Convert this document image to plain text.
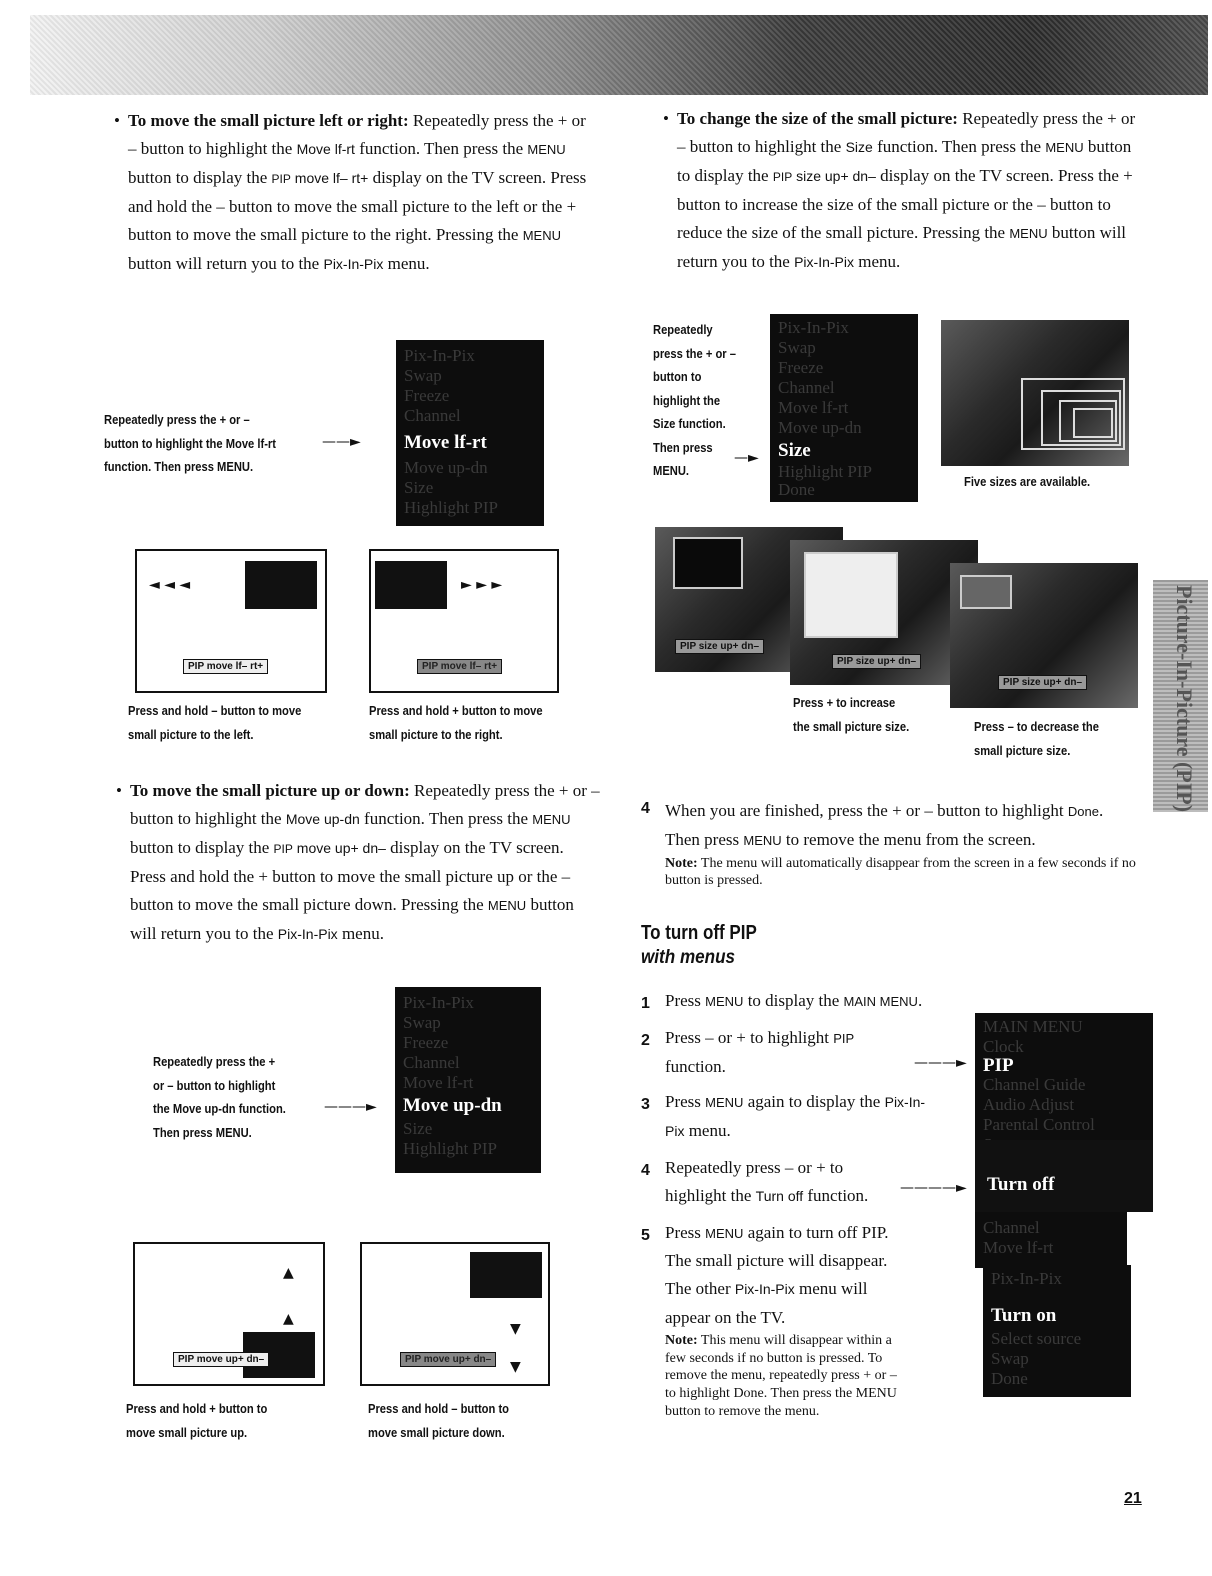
• To move the small picture left or right: Repeatedly press the + or – button to highlight the Move lf-rt function. Then press the MENU button to display the PIP move lf– rt+ display on the TV screen. Press and hold the – button to move the small picture to the left or the + button to move the small picture to the right. Pressing the MENU button will return you to the Pix-In-Pix menu.
Repeatedly press the + or –
button to highlight the Move lf-rt
function. Then press MENU.
——►
Pix-In-Pix
Swap
Freeze
Channel
Move lf-rt
Move up-dn
Size
Highlight PIP
◄ ◄ ◄
PIP move lf– rt+
Press and hold – button to move
small picture to the left.
► ► ►
PIP move lf– rt+
Press and hold + button to move
small picture to the right.
• To move the small picture up or down: Repeatedly press the + or – button to highlight the Move up-dn function. Then press the MENU button to display the PIP move up+ dn– display on the TV screen. Press and hold the + button to move the small picture up or the – button to move the small picture down. Pressing the MENU button will return you to the Pix-In-Pix menu.
Repeatedly press the +
or – button to highlight
the Move up-dn function.
Then press MENU.
———►
Pix-In-Pix
Swap
Freeze
Channel
Move lf-rt
Move up-dn
Size
Highlight PIP
▲
▲
PIP move up+ dn–
Press and hold + button to
move small picture up.
▼
▼
PIP move up+ dn–
Press and hold – button to
move small picture down.
• To change the size of the small picture: Repeatedly press the + or – button to highlight the Size function. Then press the MENU button to display the PIP size up+ dn– display on the TV screen. Press the + button to increase the size of the small picture or the – button to reduce the size of the small picture. Pressing the MENU button will return you to the Pix-In-Pix menu.
Repeatedly
press the + or –
button to
highlight the
Size function.
Then press
MENU.
—►
Pix-In-Pix
Swap
Freeze
Channel
Move lf-rt
Move up-dn
Size
Highlight PIP
Done	Five sizes are available.
PIP size up+ dn–
PIP size up+ dn–
PIP size up+ dn–
Press + to increase
the small picture size.	Press – to decrease the
small picture size.	Picture-In-Picture (PIP)
4 When you are finished, press the + or – button to highlight Done.
Then press MENU to remove the menu from the screen.
Note: The menu will automatically disappear from the screen in a few seconds if no button is pressed.
To turn off PIP
with menus
1 Press MENU to display the MAIN MENU.
2 Press – or + to highlight PIP
function.
3 Press MENU again to display the Pix-In-Pix menu.
4 Repeatedly press – or + to
highlight the Turn off function.
5 Press MENU again to turn off PIP.
The small picture will disappear.
The other Pix-In-Pix menu will
appear on the TV.
Note: This menu will disappear within a few seconds if no button is pressed. To remove the menu, repeatedly press + or – to highlight Done. Then press the MENU button to remove the menu.
———►
————►
MAIN MENU
Clock
PIP
Channel Guide
Audio Adjust
Parental Control
Turn off
Channel
Move lf-rt
Pix-In-Pix
Turn on
Select source
Swap
Done
21
